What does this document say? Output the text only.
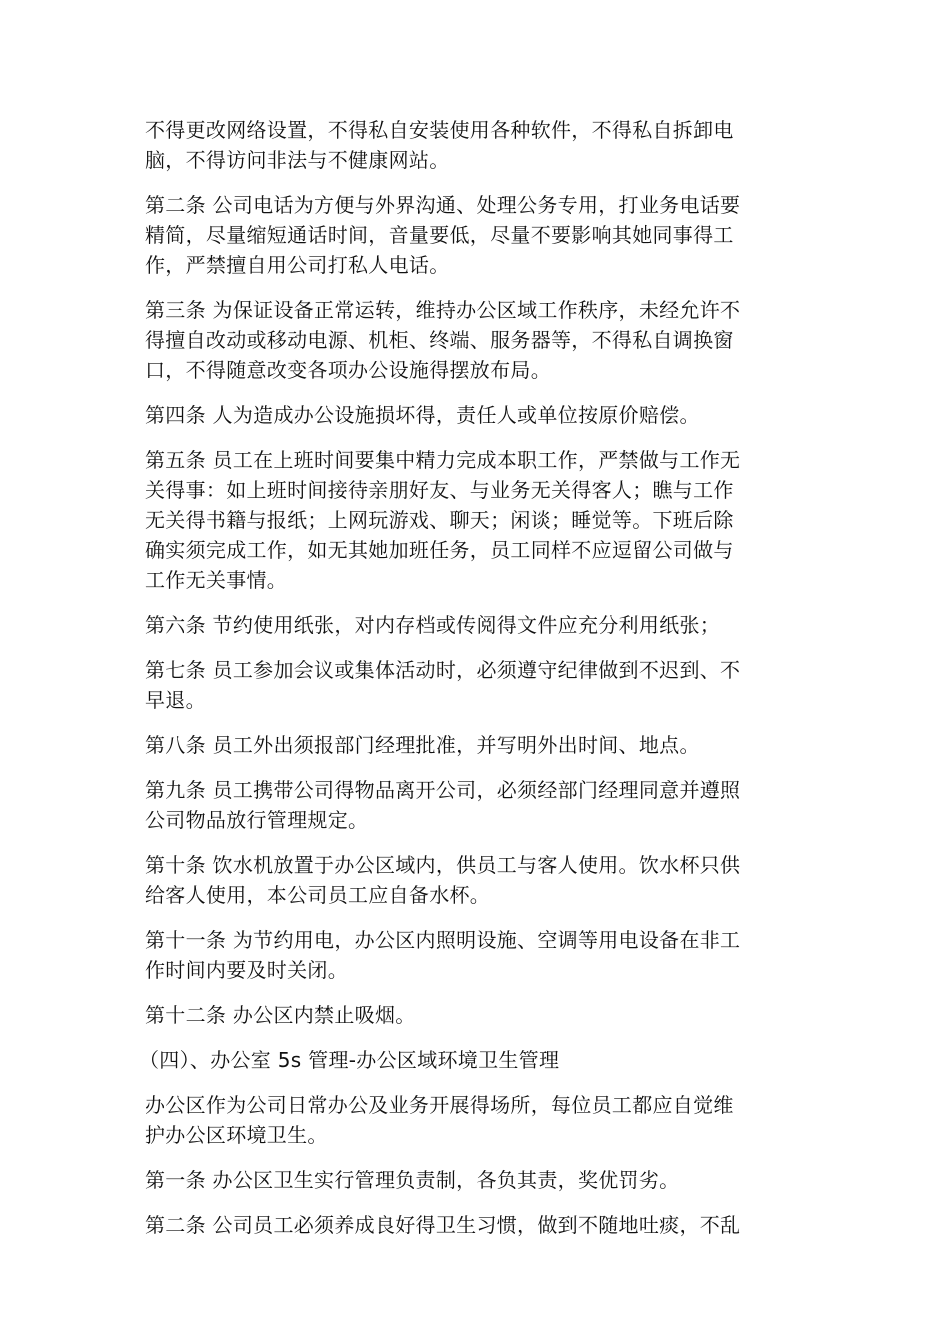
不得更改网络设置，不得私自安装使用各种软件，不得私自拆卸电
脑，不得访问非法与不健康网站。

第二条 公司电话为方便与外界沟通、处理公务专用，打业务电话要
精简，尽量缩短通话时间，音量要低，尽量不要影响其她同事得工
作，严禁擅自用公司打私人电话。

第三条 为保证设备正常运转，维持办公区域工作秩序，未经允许不
得擅自改动或移动电源、机柜、终端、服务器等，不得私自调换窗
口，不得随意改变各项办公设施得摆放布局。

第四条 人为造成办公设施损坏得，责任人或单位按原价赔偿。

第五条 员工在上班时间要集中精力完成本职工作，严禁做与工作无
关得事：如上班时间接待亲朋好友、与业务无关得客人；瞧与工作
无关得书籍与报纸；上网玩游戏、聊天；闲谈；睡觉等。下班后除
确实须完成工作，如无其她加班任务，员工同样不应逗留公司做与
工作无关事情。

第六条 节约使用纸张，对内存档或传阅得文件应充分利用纸张；

第七条 员工参加会议或集体活动时，必须遵守纪律做到不迟到、不
早退。

第八条 员工外出须报部门经理批准，并写明外出时间、地点。

第九条 员工携带公司得物品离开公司，必须经部门经理同意并遵照
公司物品放行管理规定。

第十条 饮水机放置于办公区域内，供员工与客人使用。饮水杯只供
给客人使用，本公司员工应自备水杯。

第十一条 为节约用电，办公区内照明设施、空调等用电设备在非工
作时间内要及时关闭。

第十二条 办公区内禁止吸烟。

（四）、办公室 5s 管理-办公区域环境卫生管理

办公区作为公司日常办公及业务开展得场所，每位员工都应自觉维
护办公区环境卫生。

第一条 办公区卫生实行管理负责制，各负其责，奖优罚劣。

第二条 公司员工必须养成良好得卫生习惯，做到不随地吐痰，不乱
